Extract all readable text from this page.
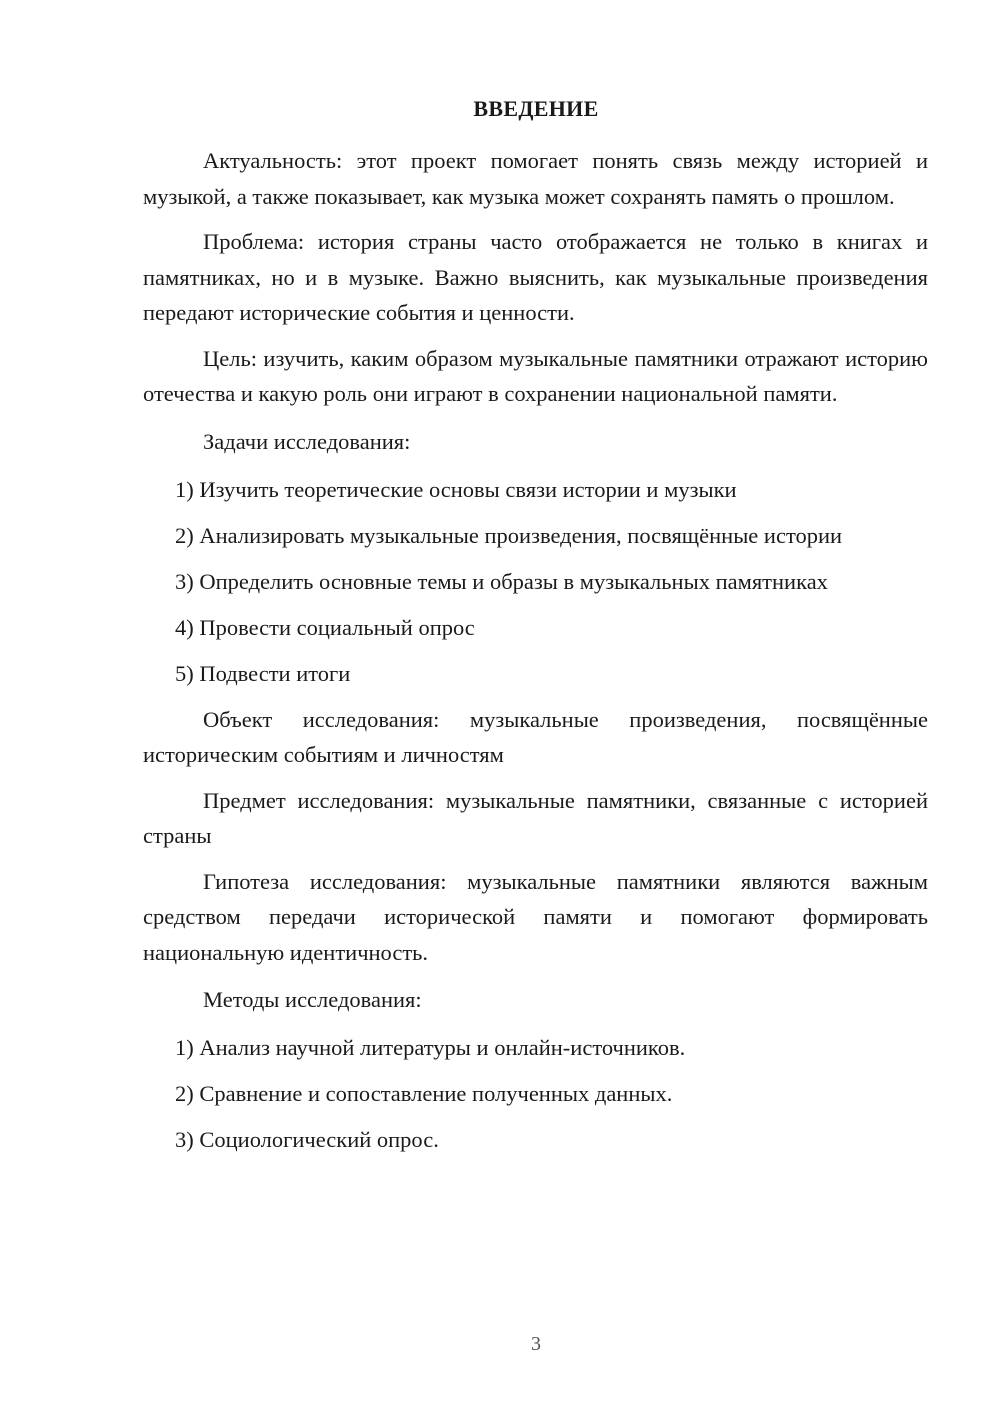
ВВЕДЕНИЕ

Актуальность: этот проект помогает понять связь между историей и музыкой, а также показывает, как музыка может сохранять память о прошлом.

Проблема: история страны часто отображается не только в книгах и памятниках, но и в музыке. Важно выяснить, как музыкальные произведения передают исторические события и ценности.

Цель: изучить, каким образом музыкальные памятники отражают историю отечества и какую роль они играют в сохранении национальной памяти.

Задачи исследования:

1) Изучить теоретические основы связи истории и музыки

2) Анализировать музыкальные произведения, посвящённые истории

3) Определить основные темы и образы в музыкальных памятниках

4) Провести социальный опрос

5) Подвести итоги

Объект исследования: музыкальные произведения, посвящённые историческим событиям и личностям

Предмет исследования: музыкальные памятники, связанные с историей страны

Гипотеза исследования: музыкальные памятники являются важным средством передачи исторической памяти и помогают формировать национальную идентичность.

Методы исследования:

1) Анализ научной литературы и онлайн-источников.

2) Сравнение и сопоставление полученных данных.

3) Социологический опрос.

3
